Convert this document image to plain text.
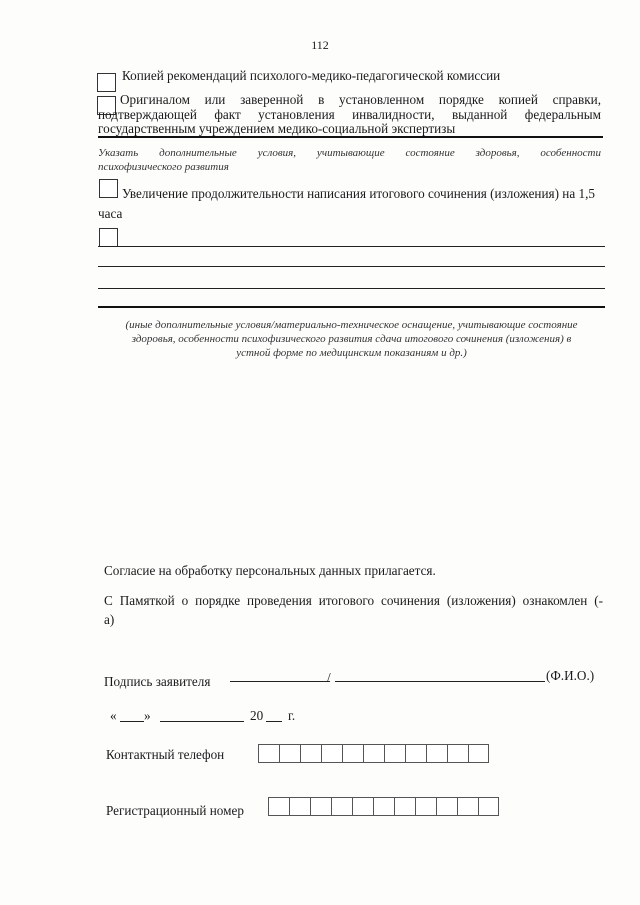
112
Копией рекомендаций психолого-медико-педагогической комиссии
Оригиналом или заверенной в установленном порядке копией справки,
подтверждающей факт установления инвалидности, выданной федеральным
государственным учреждением медико-социальной экспертизы
Указать дополнительные условия, учитывающие состояние здоровья, особенности
психофизического развития
Увеличение продолжительности написания итогового сочинения (изложения) на 1,5
часа
(иные дополнительные условия/материально-техническое оснащение, учитывающие состояние
здоровья, особенности психофизического развития сдача итогового сочинения (изложения) в
устной форме по медицинским показаниям и др.)
Согласие на обработку персональных данных прилагается.
С Памяткой о порядке проведения итогового сочинения (изложения) ознакомлен (-
а)
Подпись заявителя	/	(Ф.И.О.)
« »	20 г.
Контактный телефон
Регистрационный номер
